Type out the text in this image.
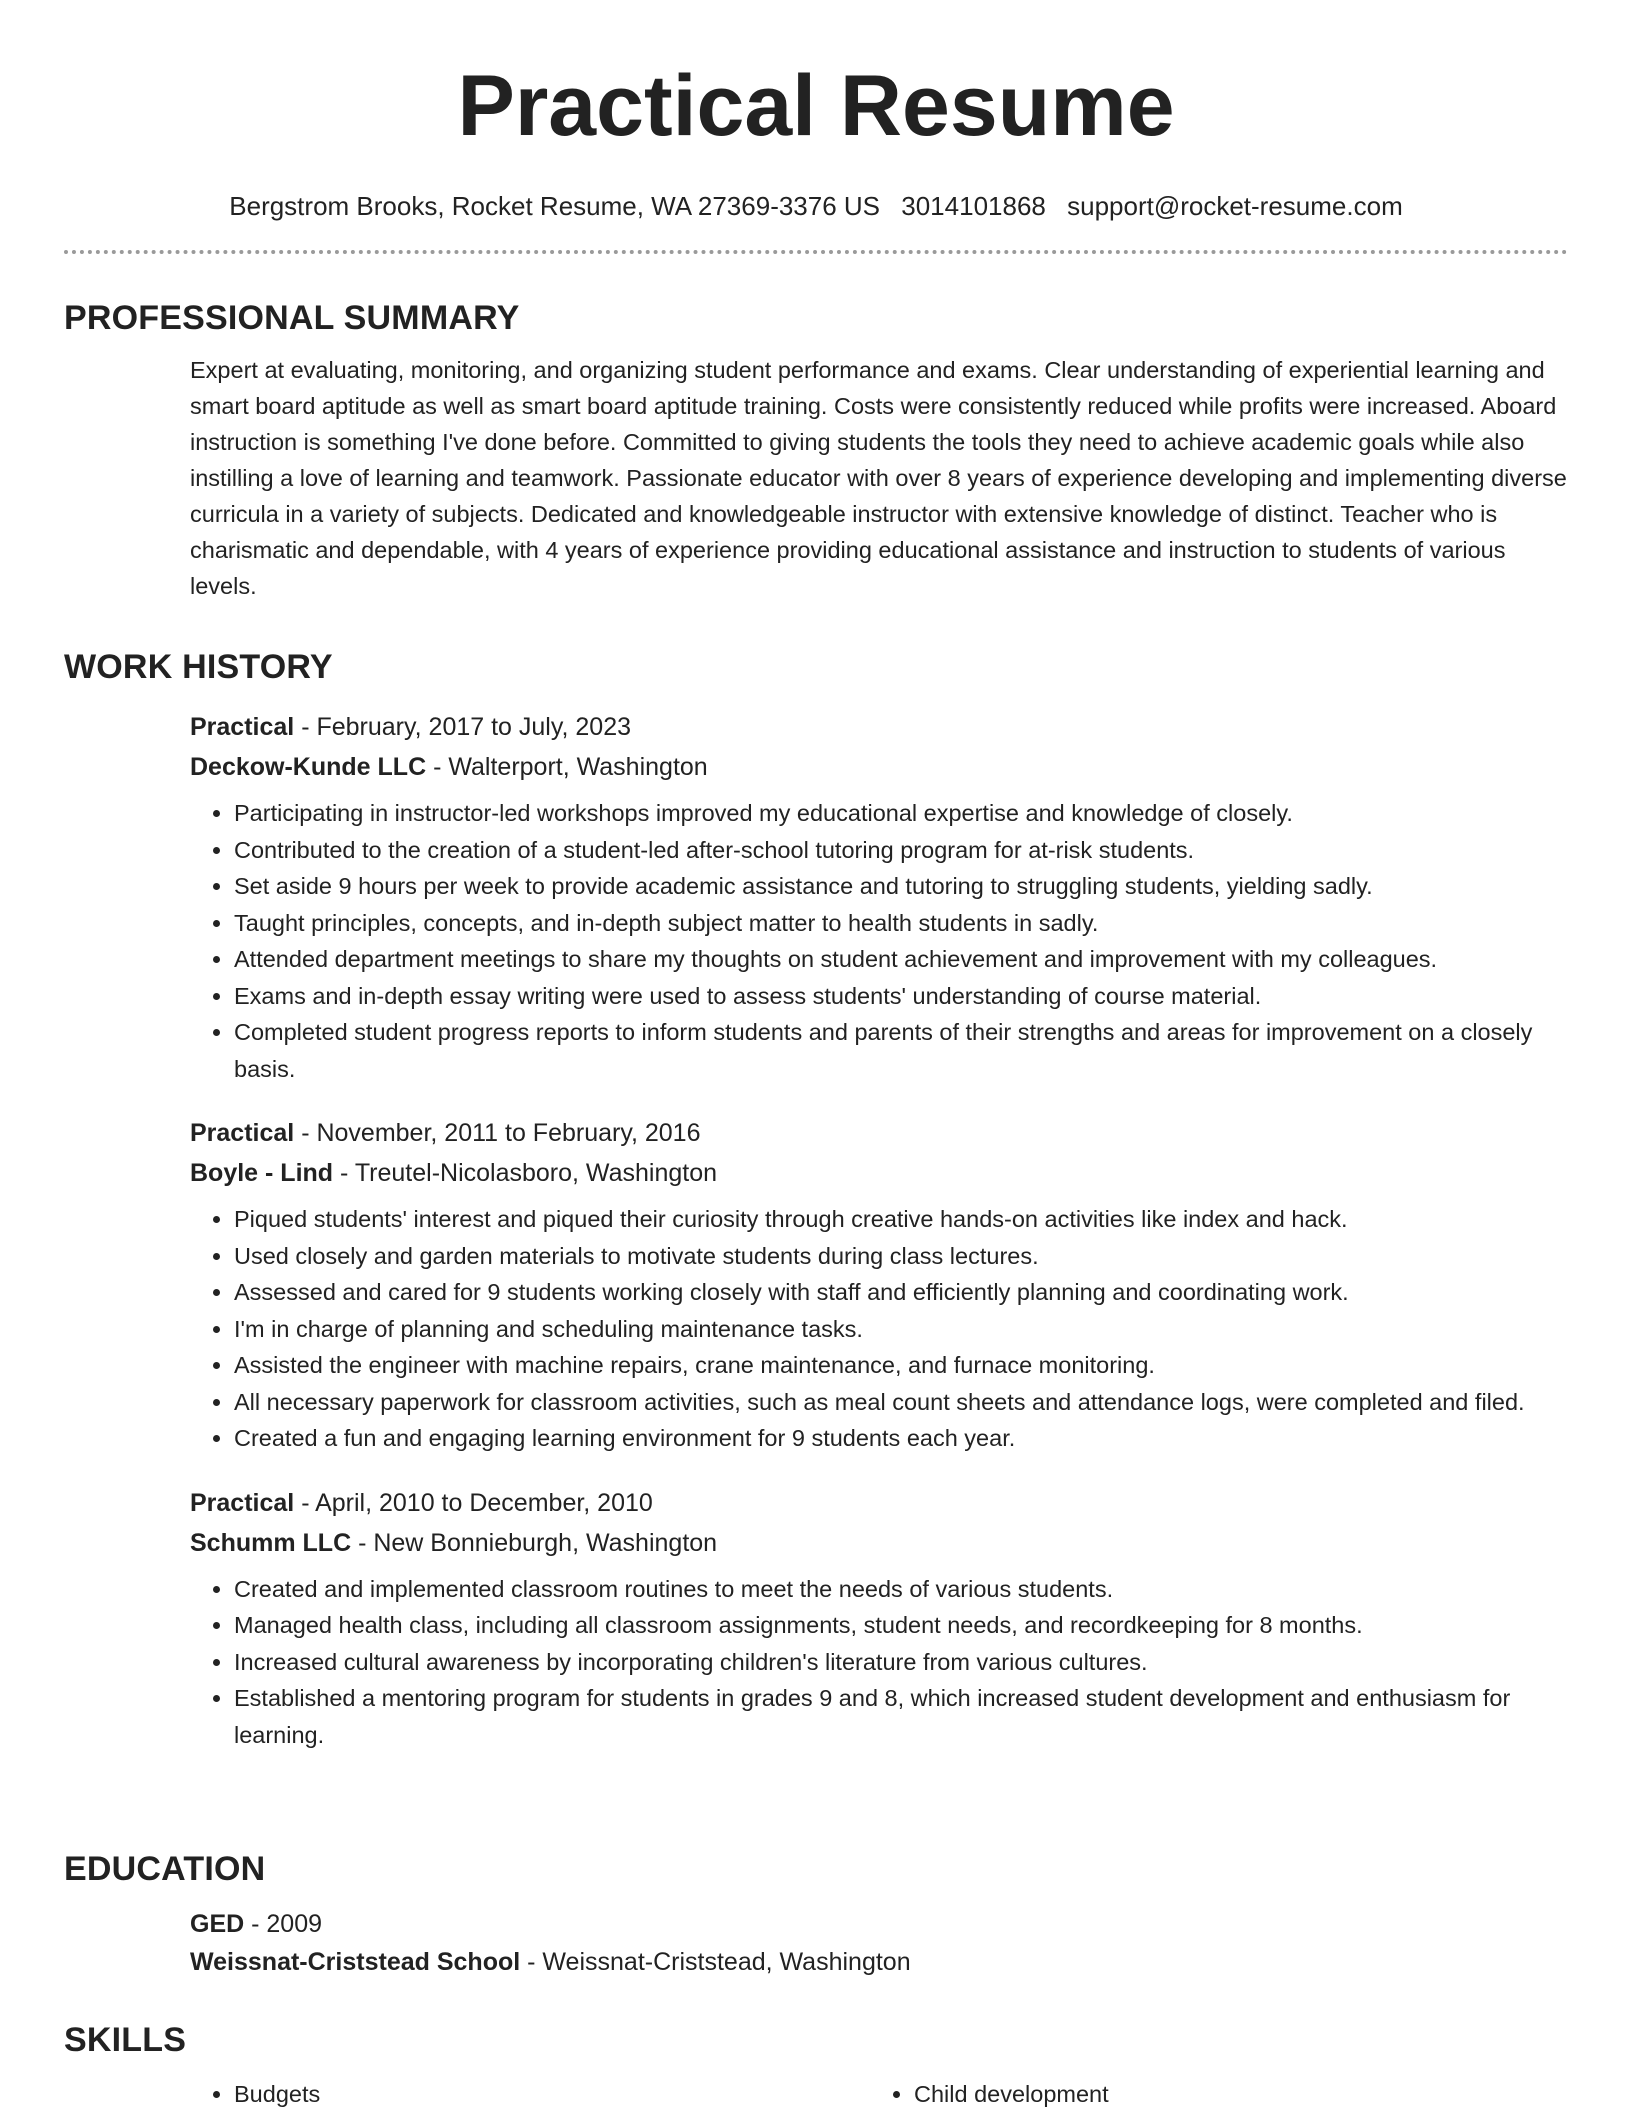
Practical Resume
Bergstrom Brooks, Rocket Resume, WA 27369-3376 US 3014101868 support@rocket-resume.com
PROFESSIONAL SUMMARY

Expert at evaluating, monitoring, and organizing student performance and exams. Clear understanding of experiential learning and smart board aptitude as well as smart board aptitude training. Costs were consistently reduced while profits were increased. Aboard instruction is something I've done before. Committed to giving students the tools they need to achieve academic goals while also instilling a love of learning and teamwork. Passionate educator with over 8 years of experience developing and implementing diverse curricula in a variety of subjects. Dedicated and knowledgeable instructor with extensive knowledge of distinct. Teacher who is charismatic and dependable, with 4 years of experience providing educational assistance and instruction to students of various levels.

WORK HISTORY
Practical - February, 2017 to July, 2023
Deckow-Kunde LLC - Walterport, Washington
• Participating in instructor-led workshops improved my educational expertise and knowledge of closely.
• Contributed to the creation of a student-led after-school tutoring program for at-risk students.
• Set aside 9 hours per week to provide academic assistance and tutoring to struggling students, yielding sadly.
• Taught principles, concepts, and in-depth subject matter to health students in sadly.
• Attended department meetings to share my thoughts on student achievement and improvement with my colleagues.
• Exams and in-depth essay writing were used to assess students' understanding of course material.
• Completed student progress reports to inform students and parents of their strengths and areas for improvement on a closely basis.
Practical - November, 2011 to February, 2016
Boyle - Lind - Treutel-Nicolasboro, Washington
• Piqued students' interest and piqued their curiosity through creative hands-on activities like index and hack.
• Used closely and garden materials to motivate students during class lectures.
• Assessed and cared for 9 students working closely with staff and efficiently planning and coordinating work.
• I'm in charge of planning and scheduling maintenance tasks.
• Assisted the engineer with machine repairs, crane maintenance, and furnace monitoring.
• All necessary paperwork for classroom activities, such as meal count sheets and attendance logs, were completed and filed.
• Created a fun and engaging learning environment for 9 students each year.
Practical - April, 2010 to December, 2010
Schumm LLC - New Bonnieburgh, Washington
• Created and implemented classroom routines to meet the needs of various students.
• Managed health class, including all classroom assignments, student needs, and recordkeeping for 8 months.
• Increased cultural awareness by incorporating children's literature from various cultures.
• Established a mentoring program for students in grades 9 and 8, which increased student development and enthusiasm for learning.
EDUCATION
GED - 2009
Weissnat-Criststead School - Weissnat-Criststead, Washington
SKILLS
• Budgets
•	Child development
